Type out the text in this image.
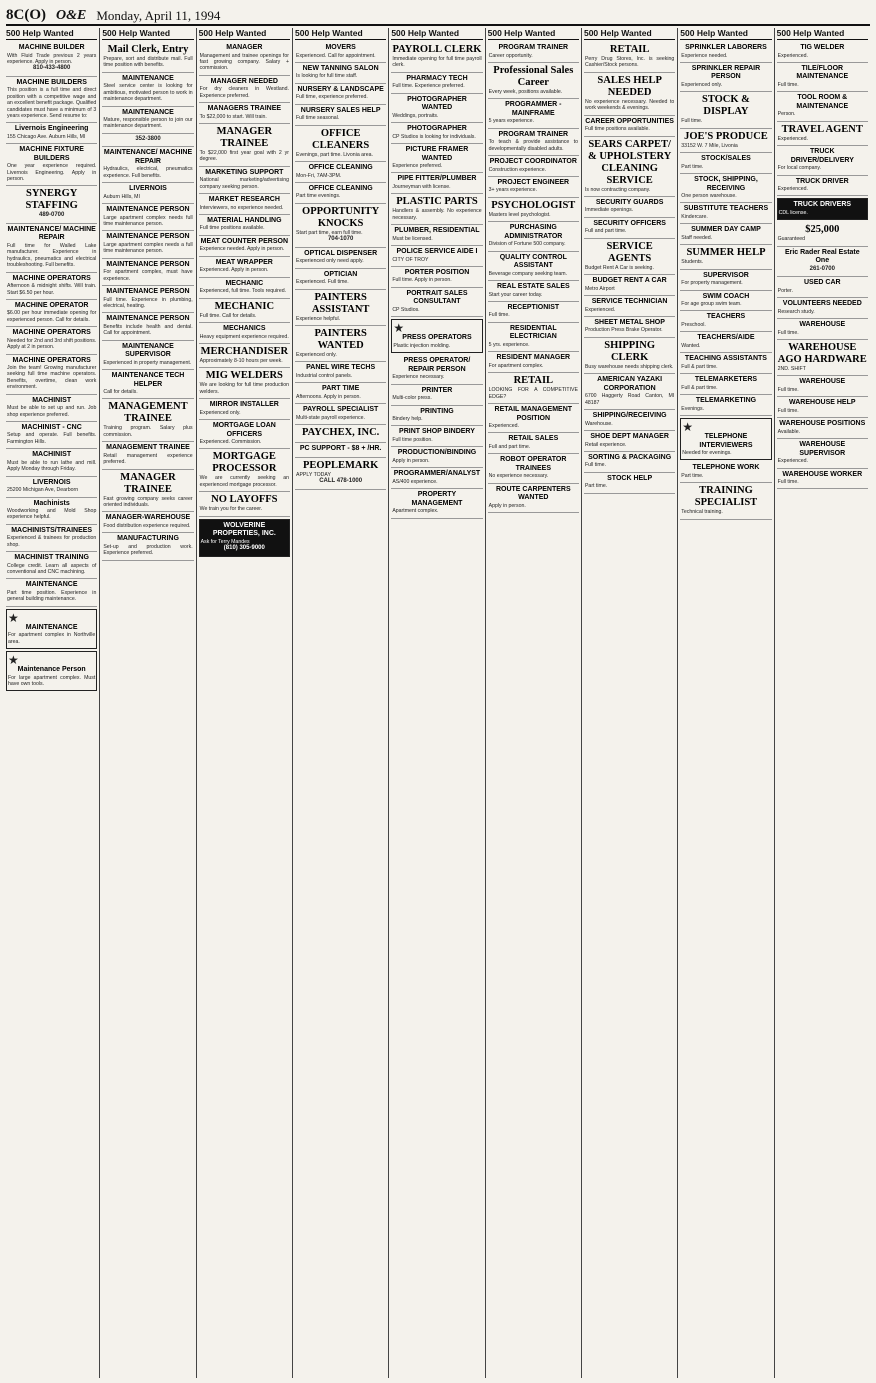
8C(O) O&E Monday, April 11, 1994
500 Help Wanted
MACHINE BUILDER
With Fluid Trade previous 2 years experience. Apply in person.
810-433-4800
MACHINE BUILDERS
This position is a full time and direct position with a competitive wage and an excellent benefit package. Qualified candidates must have a minimum of 3 years experience. Send resume to:
Livernois Engineering
155 Chicago Ave. Auburn Hills, MI
MACHINE FIXTURE BUILDERS
One year experience required. Livernois Engineering. Apply in person.
SYNERGY STAFFING
489-0700
MAINTENANCE/ MACHINE REPAIR
Full time for Walled Lake manufacturer. Experience in hydraulics, pneumatics and electrical troubleshooting. Full benefits.
MACHINE OPERATORS
Afternoon & midnight shifts. Will train. Start $6.50 per hour.
MACHINE OPERATOR
$6.00 per hour immediate opening for experienced person. Call for details.
MACHINE OPERATORS
Needed for 2nd and 3rd shift positions. Apply at 2 in person.
MACHINE OPERATORS
Join the team! Growing manufacturer seeking full time machine operators. Benefits, overtime, clean work environment.
MACHINIST
Must be able to set up and run. Job shop experience preferred.
MACHINIST - CNC
Setup and operate. Full benefits. Farmington Hills.
MACHINIST
Must be able to run lathe and mill. Apply Monday through Friday.
LIVERNOIS
25200 Michigan Ave, Dearborn
Machinists
Woodworking and Mold Shop experience helpful.
MACHINISTS/TRAINEES
Experienced & trainees for production shop.
MACHINIST TRAINING
College credit. Learn all aspects of conventional and CNC machining.
MAINTENANCE
Part time position. Experience in general building maintenance.
★
MAINTENANCE
For apartment complex in Northville area.
★
Maintenance Person
For large apartment complex. Must have own tools.
500 Help Wanted
Mail Clerk, Entry
Prepare, sort and distribute mail. Full time position with benefits.
MAINTENANCE
Steel service center is looking for ambitious, motivated person to work in maintenance department.
MAINTENANCE
Mature, responsible person to join our maintenance department.
352-3800
MAINTENANCE/ MACHINE REPAIR
Hydraulics, electrical, pneumatics experience. Full benefits.
LIVERNOIS
Auburn Hills, MI
MAINTENANCE PERSON
Large apartment complex needs full time maintenance person.
MAINTENANCE PERSON
Large apartment complex needs a full time maintenance person.
MAINTENANCE PERSON
For apartment complex, must have experience.
MAINTENANCE PERSON
Full time. Experience in plumbing, electrical, heating.
MAINTENANCE PERSON
Benefits include health and dental. Call for appointment.
MAINTENANCE SUPERVISOR
Experienced in property management.
MAINTENANCE TECH HELPER
Call for details.
MANAGEMENT TRAINEE
Training program. Salary plus commission.
MANAGEMENT TRAINEE
Retail management experience preferred.
MANAGER TRAINEE
Fast growing company seeks career oriented individuals.
MANAGER-WAREHOUSE
Food distribution experience required.
MANUFACTURING
Set-up and production work. Experience preferred.
500 Help Wanted
MANAGER
Management and trainee openings for fast growing company. Salary + commission.
MANAGER NEEDED
For dry cleaners in Westland. Experience preferred.
MANAGERS TRAINEE
To $22,000 to start. Will train.
MANAGER TRAINEE
To $22,000 first year goal with 2 yr degree.
MARKETING SUPPORT
National marketing/advertising company seeking person.
MARKET RESEARCH
Interviewers, no experience needed.
MATERIAL HANDLING
Full time positions available.
MEAT COUNTER PERSON
Experience needed. Apply in person.
MEAT WRAPPER
Experienced. Apply in person.
MECHANIC
Experienced, full time. Tools required.
MECHANIC
Full time. Call for details.
MECHANICS
Heavy equipment experience required.
MERCHANDISER
Approximately 8-10 hours per week.
MIG WELDERS
We are looking for full time production welders.
MIRROR INSTALLER
Experienced only.
MORTGAGE LOAN OFFICERS
Experienced. Commission.
MORTGAGE PROCESSOR
We are currently seeking an experienced mortgage processor.
NO LAYOFFS
We train you for the career.
WOLVERINE PROPERTIES, INC.
Ask for Terry Mandes
(810) 305-9000
500 Help Wanted
MOVERS
Experienced. Call for appointment.
NEW TANNING SALON
Is looking for full time staff.
NURSERY & LANDSCAPE
Full time, experience preferred.
NURSERY SALES HELP
Full time seasonal.
OFFICE CLEANERS
Evenings, part time. Livonia area.
OFFICE CLEANING
Mon-Fri, 7AM-3PM.
OFFICE CLEANING
Part time evenings.
OPPORTUNITY KNOCKS
Start part time, earn full time.
704-1070
OPTICAL DISPENSER
Experienced only need apply.
OPTICIAN
Experienced. Full time.
PAINTERS ASSISTANT
Experience helpful.
PAINTERS WANTED
Experienced only.
PANEL WIRE TECHS
Industrial control panels.
PART TIME
Afternoons. Apply in person.
PAYROLL SPECIALIST
Multi-state payroll experience.
PAYCHEX, INC.
PC SUPPORT - $8 + /HR.
PEOPLEMARK
APPLY TODAY
CALL 478-1000
500 Help Wanted
PAYROLL CLERK
Immediate opening for full time payroll clerk.
PHARMACY TECH
Full time. Experience preferred.
PHOTOGRAPHER WANTED
Weddings, portraits.
PHOTOGRAPHER
CP Studios is looking for individuals.
PICTURE FRAMER WANTED
Experience preferred.
PIPE FITTER/PLUMBER
Journeyman with license.
PLASTIC PARTS
Handlers & assembly. No experience necessary.
PLUMBER, RESIDENTIAL
Must be licensed.
POLICE SERVICE AIDE I
CITY OF TROY
PORTER POSITION
Full time. Apply in person.
PORTRAIT SALES CONSULTANT
CP Studios.
★
PRESS OPERATORS
Plastic injection molding.
PRESS OPERATOR/ REPAIR PERSON
Experience necessary.
PRINTER
Multi-color press.
PRINTING
Bindery help.
PRINT SHOP BINDERY
Full time position.
PRODUCTION/BINDING
Apply in person.
PROGRAMMER/ANALYST
AS/400 experience.
PROPERTY MANAGEMENT
Apartment complex.
500 Help Wanted
PROGRAM TRAINER
Career opportunity.
Professional Sales Career
Every week, positions available.
PROGRAMMER - MAINFRAME
5 years experience.
PROGRAM TRAINER
To teach & provide assistance to developmentally disabled adults.
PROJECT COORDINATOR
Construction experience.
PROJECT ENGINEER
3+ years experience.
PSYCHOLOGIST
Masters level psychologist.
PURCHASING ADMINISTRATOR
Division of Fortune 500 company.
QUALITY CONTROL ASSISTANT
Beverage company seeking team.
REAL ESTATE SALES
Start your career today.
RECEPTIONIST
Full time.
RESIDENTIAL ELECTRICIAN
5 yrs. experience.
RESIDENT MANAGER
For apartment complex.
RETAIL
LOOKING FOR A COMPETITIVE EDGE?
RETAIL MANAGEMENT POSITION
Experienced.
RETAIL SALES
Full and part time.
ROBOT OPERATOR TRAINEES
No experience necessary.
ROUTE CARPENTERS WANTED
Apply in person.
500 Help Wanted
RETAIL
Perry Drug Stores, Inc. is seeking Cashier/Stock persons.
SALES HELP NEEDED
No experience necessary. Needed to work weekends & evenings.
CAREER OPPORTUNITIES
Full time positions available.
SEARS CARPET/ & UPHOLSTERY CLEANING SERVICE
Is now contracting company.
SECURITY GUARDS
Immediate openings.
SECURITY OFFICERS
Full and part time.
SERVICE AGENTS
Budget Rent A Car is seeking.
BUDGET RENT A CAR
Metro Airport
SERVICE TECHNICIAN
Experienced.
SHEET METAL SHOP
Production Press Brake Operator.
SHIPPING CLERK
Busy warehouse needs shipping clerk.
AMERICAN YAZAKI CORPORATION
6700 Haggerty Road Canton, MI 48187
SHIPPING/RECEIVING
Warehouse.
SHOE DEPT MANAGER
Retail experience.
SORTING & PACKAGING
Full time.
STOCK HELP
Part time.
500 Help Wanted
SPRINKLER LABORERS
Experience needed.
SPRINKLER REPAIR PERSON
Experienced only.
STOCK & DISPLAY
Full time.
JOE'S PRODUCE
33152 W. 7 Mile, Livonia
STOCK/SALES
Part time.
STOCK, SHIPPING, RECEIVING
One person warehouse.
SUBSTITUTE TEACHERS
Kindercare.
SUMMER DAY CAMP
Staff needed.
SUMMER HELP
Students.
SUPERVISOR
For property management.
SWIM COACH
For age group swim team.
TEACHERS
Preschool.
TEACHERS/AIDE
Wanted.
TEACHING ASSISTANTS
Full & part time.
TELEMARKETERS
Full & part time.
TELEMARKETING
Evenings.
★
TELEPHONE INTERVIEWERS
Needed for evenings.
TELEPHONE WORK
Part time.
TRAINING SPECIALIST
Technical training.
500 Help Wanted
TIG WELDER
Experienced.
TILE/FLOOR MAINTENANCE
Full time.
TOOL ROOM & MAINTENANCE
Person.
TRAVEL AGENT
Experienced.
TRUCK DRIVER/DELIVERY
For local company.
TRUCK DRIVER
Experienced.
TRUCK DRIVERS
CDL license.
$25,000
Guaranteed
Eric Rader Real Estate One
261-0700
USED CAR
Porter.
VOLUNTEERS NEEDED
Research study.
WAREHOUSE
Full time.
WAREHOUSE AGO HARDWARE
2ND. SHIFT
WAREHOUSE
Full time.
WAREHOUSE HELP
Full time.
WAREHOUSE POSITIONS
Available.
WAREHOUSE SUPERVISOR
Experienced.
WAREHOUSE WORKER
Full time.
